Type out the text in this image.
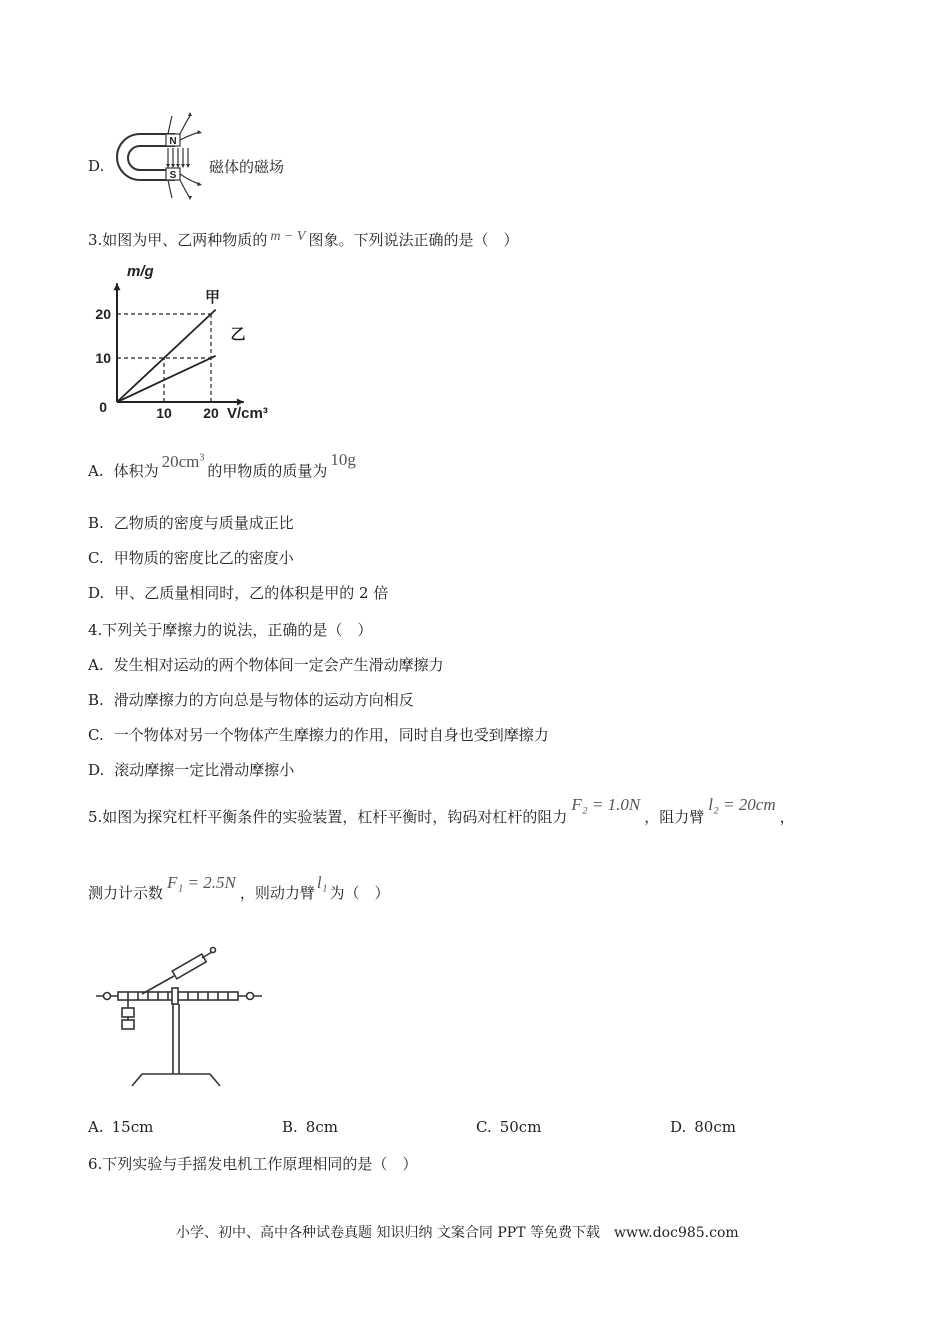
D.
N
S 磁体的磁场
3.如图为甲、乙两种物质的 m − V 图象。下列说法正确的是（　）
甲
乙
10 20
10
20
0
m/g
V/cm³
A. 体积为 $20cm^3$的甲物质的质量为10g
B. 乙物质的密度与质量成正比
C. 甲物质的密度比乙的密度小
D. 甲、乙质量相同时，乙的体积是甲的 2 倍
4.下列关于摩擦力的说法，正确的是（　）
A. 发生相对运动的两个物体间一定会产生滑动摩擦力
B. 滑动摩擦力的方向总是与物体的运动方向相反
C. 一个物体对另一个物体产生摩擦力的作用，同时自身也受到摩擦力
D. 滚动摩擦一定比滑动摩擦小
5.如图为探究杠杆平衡条件的实验装置，杠杆平衡时，钩码对杠杆的阻力F₂ = 1.0N，阻力臂l₂ = 20cm，
测力计示数F₁ = 2.5N，则动力臂l₁为（　）
A. 15cm	B. 8cm	C. 50cm	D. 80cm
6.下列实验与手摇发电机工作原理相同的是（　）
小学、初中、高中各种试卷真题 知识归纳 文案合同 PPT 等免费下载　www.doc985.com
